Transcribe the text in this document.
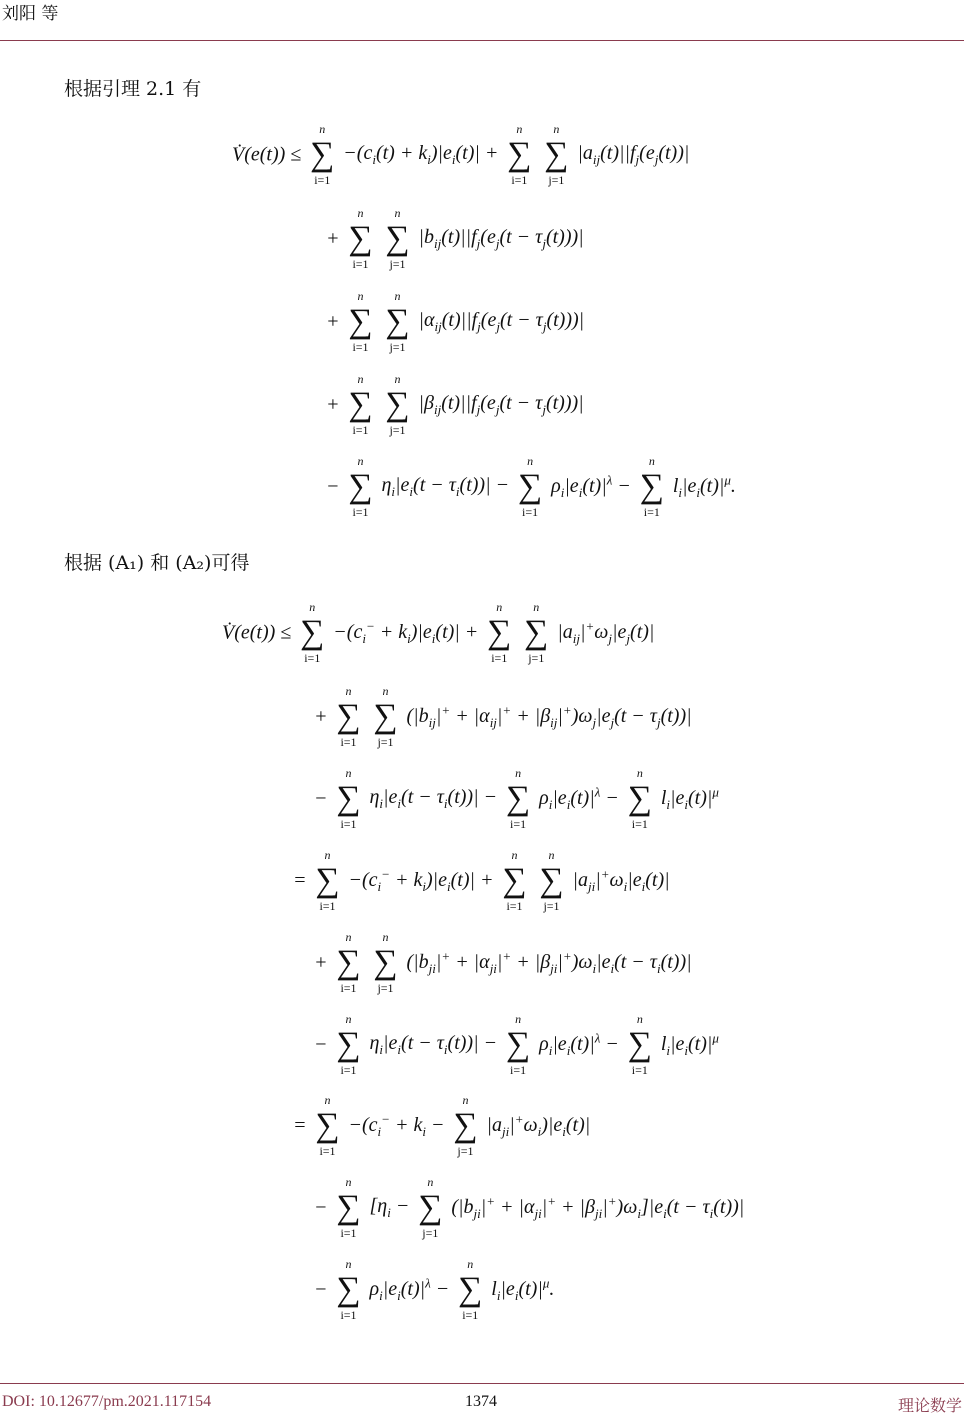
刘阳 等
根据引理 2.1 有
V̇(e(t)) ≤
n
∑
i=1
$-(c_i(t) + k_i)|e_i(t)|$ +
n
∑
i=1

n
∑
j=1
$|a_{ij}(t)||f_j(e_j(t))|$
+
n
∑
i=1

n
∑
j=1
$|b_{ij}(t)||f_j(e_j(t - \tau_j(t)))|$
+
n
∑
i=1

n
∑
j=1
$|\alpha_{ij}(t)||f_j(e_j(t - \tau_j(t)))|$
+
n
∑
i=1

n
∑
j=1
$|\beta_{ij}(t)||f_j(e_j(t - \tau_j(t)))|$
−
n
∑
i=1
$\eta_i|e_i(t - \tau_i(t))|$ −
n
∑
i=1
$\rho_i|e_i(t)|^\lambda$ −
n
∑
i=1
$l_i|e_i(t)|^\mu$.
根据 (A₁) 和 (A₂)可得
V̇(e(t)) ≤
n
∑
i=1
$-(c_i^- + k_i)|e_i(t)|$ +
n
∑
i=1

n
∑
j=1
$|a_{ij}|^+\omega_j|e_j(t)|$
+
n
∑
i=1

n
∑
j=1
$(|b_{ij}|^+ + |\alpha_{ij}|^+ + |\beta_{ij}|^+)\omega_j|e_j(t - \tau_j(t))|$
−
n
∑
i=1
$\eta_i|e_i(t - \tau_i(t))|$ −
n
∑
i=1
$\rho_i|e_i(t)|^\lambda$ −
n
∑
i=1
$l_i|e_i(t)|^\mu$
=
n
∑
i=1
$-(c_i^- + k_i)|e_i(t)|$ +
n
∑
i=1

n
∑
j=1
$|a_{ji}|^+\omega_i|e_i(t)|$
+
n
∑
i=1

n
∑
j=1
$(|b_{ji}|^+ + |\alpha_{ji}|^+ + |\beta_{ji}|^+)\omega_i|e_i(t - \tau_i(t))|$
−
n
∑
i=1
$\eta_i|e_i(t - \tau_i(t))|$ −
n
∑
i=1
$\rho_i|e_i(t)|^\lambda$ −
n
∑
i=1
$l_i|e_i(t)|^\mu$
=
n
∑
i=1
$-(c_i^- + k_i$ −
n
∑
j=1
$|a_{ji}|^+\omega_i)|e_i(t)|$
−
n
∑
i=1
[$\eta_i$ −
n
∑
j=1
$(|b_{ji}|^+ + |\alpha_{ji}|^+ + |\beta_{ji}|^+)\omega_i]|e_i(t - \tau_i(t))|$
−
n
∑
i=1
$\rho_i|e_i(t)|^\lambda$ −
n
∑
i=1
$l_i|e_i(t)|^\mu$.
DOI: 10.12677/pm.2021.117154	1374	理论数学
